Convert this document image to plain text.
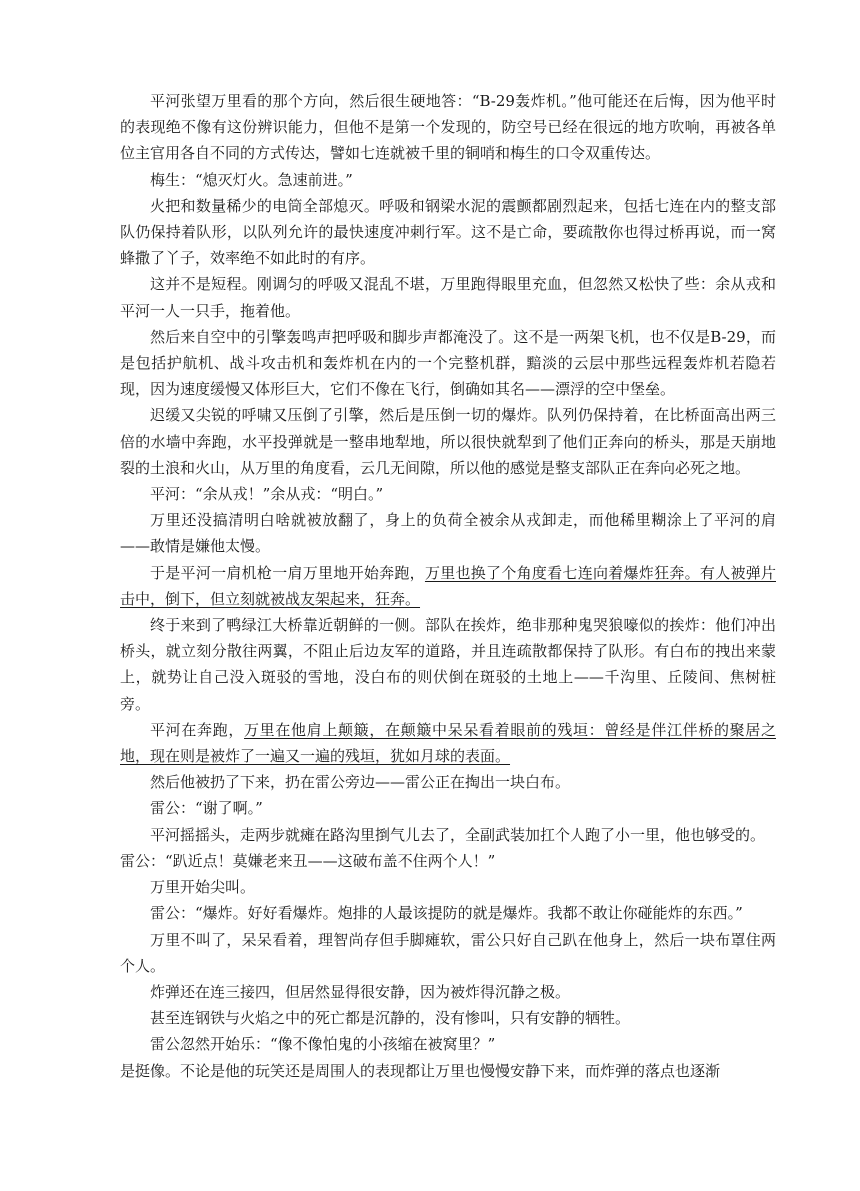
平河张望万里看的那个方向，然后很生硬地答：“B-29轰炸机。”他可能还在后悔，因为他平时的表现绝不像有这份辨识能力，但他不是第一个发现的，防空号已经在很远的地方吹响，再被各单位主官用各自不同的方式传达，譬如七连就被千里的铜哨和梅生的口令双重传达。

梅生：“熄灭灯火。急速前进。”

火把和数量稀少的电筒全部熄灭。呼吸和钢梁水泥的震颤都剧烈起来，包括七连在内的整支部队仍保持着队形，以队列允许的最快速度冲刺行军。这不是亡命，要疏散你也得过桥再说，而一窝蜂撒了丫子，效率绝不如此时的有序。

这并不是短程。刚调匀的呼吸又混乱不堪，万里跑得眼里充血，但忽然又松快了些：余从戎和平河一人一只手，拖着他。

然后来自空中的引擎轰鸣声把呼吸和脚步声都淹没了。这不是一两架飞机，也不仅是B-29，而是包括护航机、战斗攻击机和轰炸机在内的一个完整机群，黯淡的云层中那些远程轰炸机若隐若现，因为速度缓慢又体形巨大，它们不像在飞行，倒确如其名——漂浮的空中堡垒。

迟缓又尖锐的呼啸又压倒了引擎，然后是压倒一切的爆炸。队列仍保持着，在比桥面高出两三倍的水墙中奔跑，水平投弹就是一整串地犁地，所以很快就犁到了他们正奔向的桥头，那是天崩地裂的土浪和火山，从万里的角度看，云几无间隙，所以他的感觉是整支部队正在奔向必死之地。

平河：“余从戎！”余从戎：“明白。”

万里还没搞清明白啥就被放翻了，身上的负荷全被余从戎卸走，而他稀里糊涂上了平河的肩——敢情是嫌他太慢。

于是平河一肩机枪一肩万里地开始奔跑，万里也换了个角度看七连向着爆炸狂奔。有人被弹片击中，倒下，但立刻就被战友架起来，狂奔。

终于来到了鸭绿江大桥靠近朝鲜的一侧。部队在挨炸，绝非那种鬼哭狼嚎似的挨炸：他们冲出桥头，就立刻分散往两翼，不阻止后边友军的道路，并且连疏散都保持了队形。有白布的拽出来蒙上，就势让自己没入斑驳的雪地，没白布的则伏倒在斑驳的土地上——千沟里、丘陵间、焦树桩旁。

平河在奔跑，万里在他肩上颠簸，在颠簸中呆呆看着眼前的残垣：曾经是伴江伴桥的聚居之地，现在则是被炸了一遍又一遍的残垣，犹如月球的表面。

然后他被扔了下来，扔在雷公旁边——雷公正在掏出一块白布。

雷公：“谢了啊。”

平河摇摇头，走两步就瘫在路沟里捯气儿去了，全副武装加扛个人跑了小一里，他也够受的。

雷公：“趴近点！莫嫌老来丑——这破布盖不住两个人！”

万里开始尖叫。

雷公：“爆炸。好好看爆炸。炮排的人最该提防的就是爆炸。我都不敢让你碰能炸的东西。”

万里不叫了，呆呆看着，理智尚存但手脚瘫软，雷公只好自己趴在他身上，然后一块布罩住两个人。

炸弹还在连三接四，但居然显得很安静，因为被炸得沉静之极。

甚至连钢铁与火焰之中的死亡都是沉静的，没有惨叫，只有安静的牺牲。

雷公忽然开始乐：“像不像怕鬼的小孩缩在被窝里？”

是挺像。不论是他的玩笑还是周围人的表现都让万里也慢慢安静下来，而炸弹的落点也逐渐
